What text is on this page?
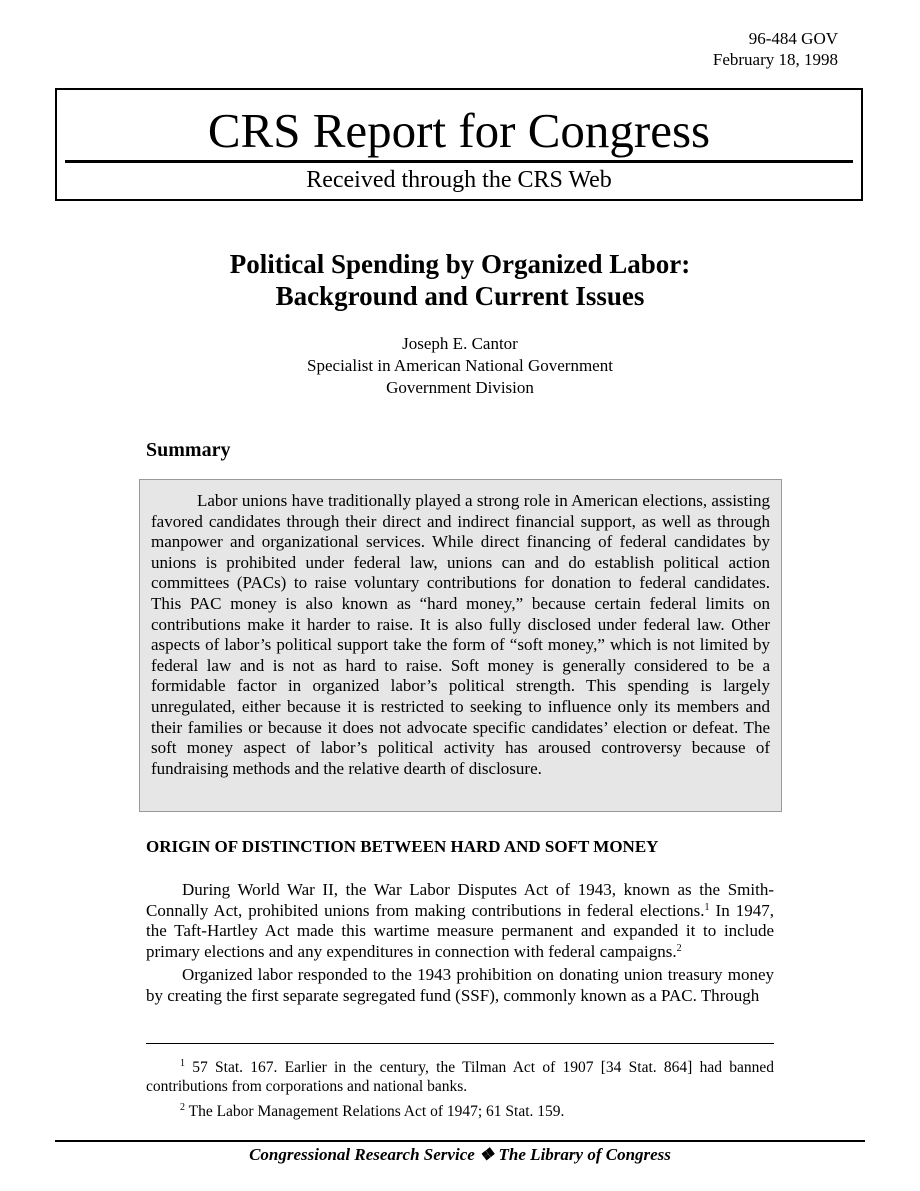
96-484 GOV
February 18, 1998
CRS Report for Congress
Received through the CRS Web
Political Spending by Organized Labor:
Background and Current Issues
Joseph E. Cantor
Specialist in American National Government
Government Division
Summary

Labor unions have traditionally played a strong role in American elections, assisting favored candidates through their direct and indirect financial support, as well as through manpower and organizational services. While direct financing of federal candidates by unions is prohibited under federal law, unions can and do establish political action committees (PACs) to raise voluntary contributions for donation to federal candidates. This PAC money is also known as “hard money,” because certain federal limits on contributions make it harder to raise. It is also fully disclosed under federal law. Other aspects of labor’s political support take the form of “soft money,” which is not limited by federal law and is not as hard to raise. Soft money is generally considered to be a formidable factor in organized labor’s political strength. This spending is largely unregulated, either because it is restricted to seeking to influence only its members and their families or because it does not advocate specific candidates’ election or defeat. The soft money aspect of labor’s political activity has aroused controversy because of fundraising methods and the relative dearth of disclosure.

ORIGIN OF DISTINCTION BETWEEN HARD AND SOFT MONEY

During World War II, the War Labor Disputes Act of 1943, known as the Smith-Connally Act, prohibited unions from making contributions in federal elections.$^1$ In 1947, the Taft-Hartley Act made this wartime measure permanent and expanded it to include primary elections and any expenditures in connection with federal campaigns.$^2$

Organized labor responded to the 1943 prohibition on donating union treasury money by creating the first separate segregated fund (SSF), commonly known as a PAC. Through

$^1$ 57 Stat. 167. Earlier in the century, the Tilman Act of 1907 [34 Stat. 864] had banned contributions from corporations and national banks.

$^2$ The Labor Management Relations Act of 1947; 61 Stat. 159.

Congressional Research Service ❖ The Library of Congress
